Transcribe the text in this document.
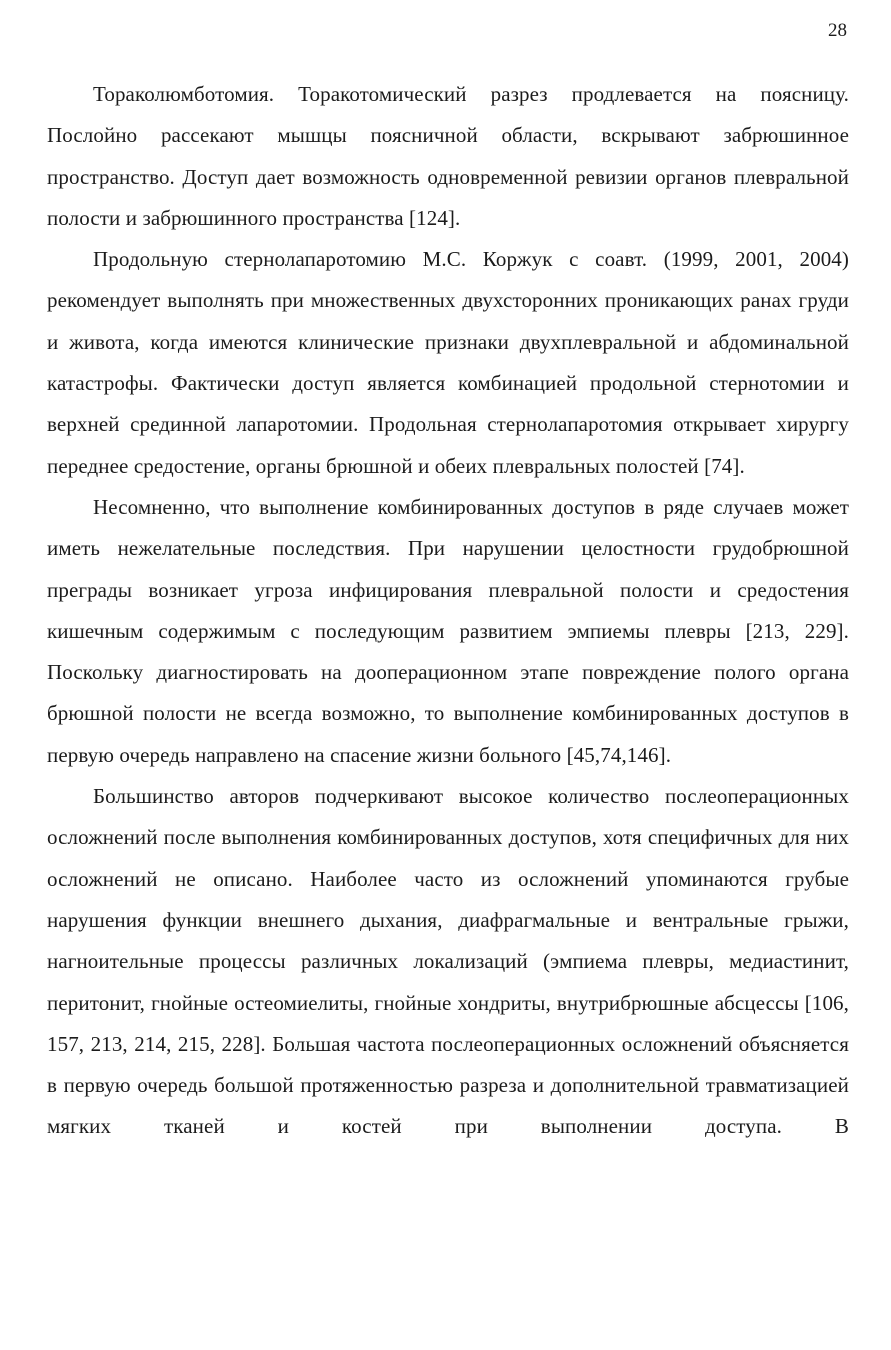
28

Тораколюмботомия. Торакотомический разрез продлевается на поясницу. Послойно рассекают мышцы поясничной области, вскрывают забрюшинное пространство. Доступ дает возможность одновременной ревизии органов плевральной полости и забрюшинного пространства [124].

Продольную стернолапаротомию М.С. Коржук с соавт. (1999, 2001, 2004) рекомендует выполнять при множественных двухсторонних проникающих ранах груди и живота, когда имеются клинические признаки двухплевральной и абдоминальной катастрофы. Фактически доступ является комбинацией продольной стернотомии и верхней срединной лапаротомии. Продольная стернолапаротомия открывает хирургу переднее средостение, органы брюшной и обеих плевральных полостей [74].

Несомненно, что выполнение комбинированных доступов в ряде случаев может иметь нежелательные последствия. При нарушении целостности грудобрюшной преграды возникает угроза инфицирования плевральной полости и средостения кишечным содержимым с последующим развитием эмпиемы плевры [213, 229]. Поскольку диагностировать на дооперационном этапе повреждение полого органа брюшной полости не всегда возможно, то выполнение комбинированных доступов в первую очередь направлено на спасение жизни больного [45,74,146].

Большинство авторов подчеркивают высокое количество послеоперационных осложнений после выполнения комбинированных доступов, хотя специфичных для них осложнений не описано. Наиболее часто из осложнений упоминаются грубые нарушения функции внешнего дыхания, диафрагмальные и вентральные грыжи, нагноительные процессы различных локализаций (эмпиема плевры, медиастинит, перитонит, гнойные остеомиелиты, гнойные хондриты, внутрибрюшные абсцессы [106, 157, 213, 214, 215, 228]. Большая частота послеоперационных осложнений объясняется в первую очередь большой протяженностью разреза и дополнительной травматизацией мягких тканей и костей при выполнении доступа. В
